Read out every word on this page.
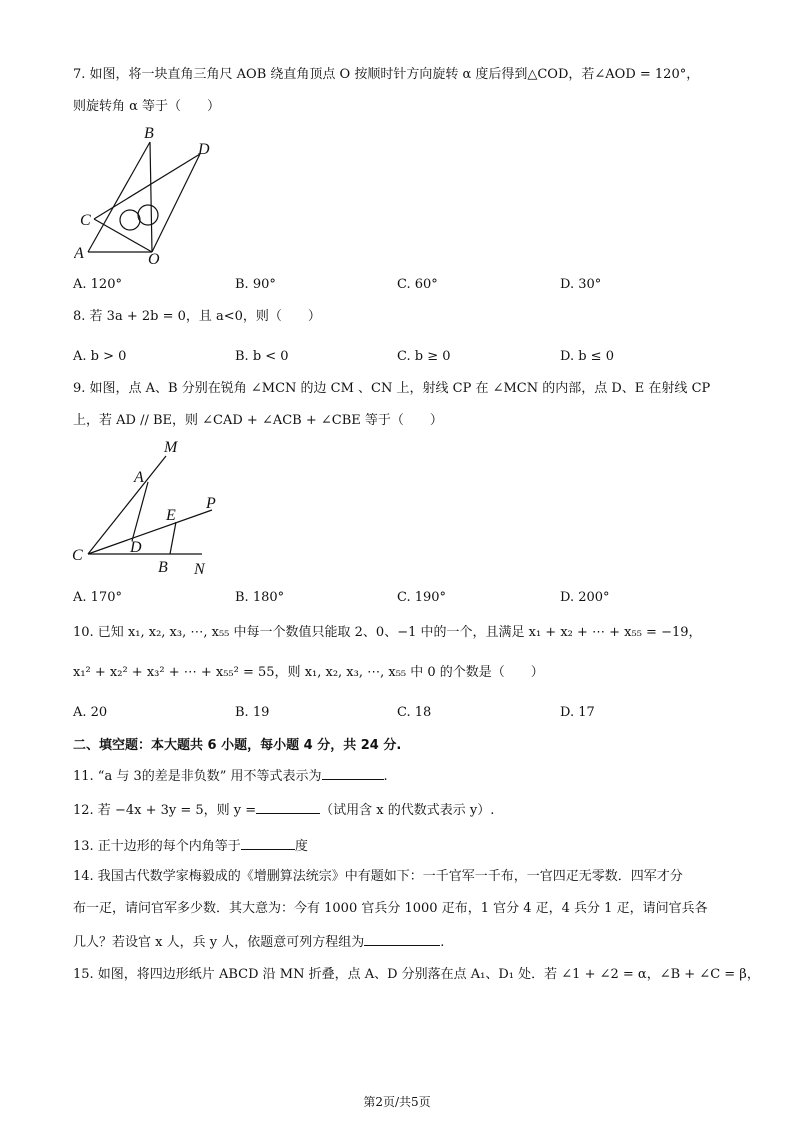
7. 如图，将一块直角三角尺 AOB 绕直角顶点 O 按顺时针方向旋转 α 度后得到△COD，若∠AOD = 120°，
则旋转角 α 等于（　　）
B
D
C
A	O
A. 120°	B. 90°	C. 60°	D. 30°
8. 若 3a + 2b = 0，且 a<0，则（　　）
A. b > 0	B. b < 0	C. b ≥ 0	D. b ≤ 0
9. 如图，点 A、B 分别在锐角 ∠MCN 的边 CM 、CN 上，射线 CP 在 ∠MCN 的内部，点 D、E 在射线 CP
上，若 AD // BE，则 ∠CAD + ∠ACB + ∠CBE 等于（　　）
M
A
E
P
C	D
B N
A. 170°	B. 180°	C. 190°	D. 200°
10. 已知 x₁, x₂, x₃, ⋯, x₅₅ 中每一个数值只能取 2、0、−1 中的一个，且满足 x₁ + x₂ + ⋯ + x₅₅ = −19，
x₁² + x₂² + x₃² + ⋯ + x₅₅² = 55，则 x₁, x₂, x₃, ⋯, x₅₅ 中 0 的个数是（　　）
A. 20	B. 19	C. 18	D. 17
二、填空题：本大题共 6 小题，每小题 4 分，共 24 分.
11. “a 与 3的差是非负数” 用不等式表示为	.
12. 若 −4x + 3y = 5，则 y =	（试用含 x 的代数式表示 y）.
13. 正十边形的每个内角等于	度
14. 我国古代数学家梅毅成的《增删算法统宗》中有题如下：一千官军一千布，一官四疋无零数．四军才分
布一疋，请问官军多少数．其大意为：今有 1000 官兵分 1000 疋布，1 官分 4 疋，4 兵分 1 疋，请问官兵各
几人？若设官 x 人，兵 y 人，依题意可列方程组为	.
15. 如图，将四边形纸片 ABCD 沿 MN 折叠，点 A、D 分别落在点 A₁、D₁ 处．若 ∠1 + ∠2 = α，∠B + ∠C = β，
第2页/共5页
